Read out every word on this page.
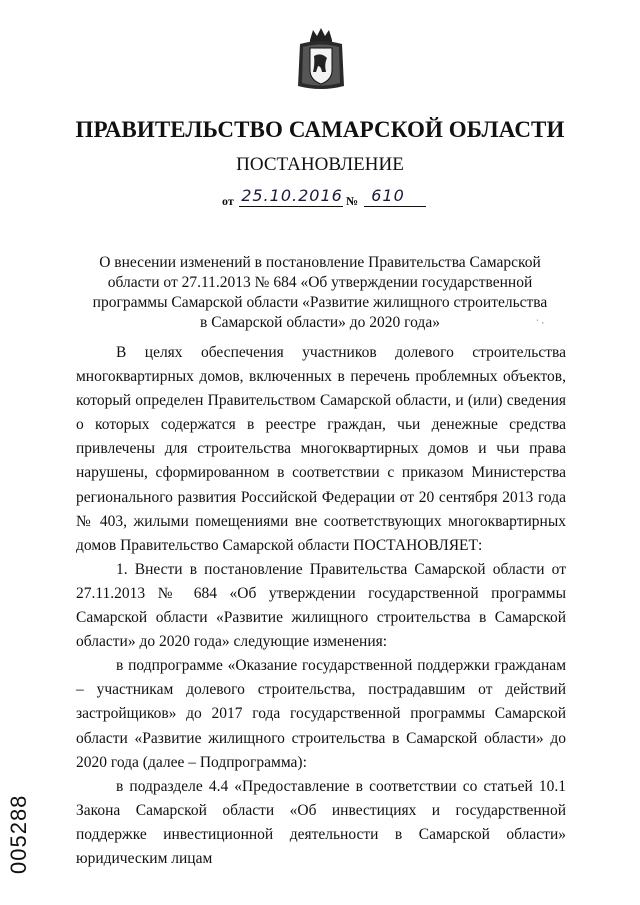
ПРАВИТЕЛЬСТВО САМАРСКОЙ ОБЛАСТИ
ПОСТАНОВЛЕНИЕ
от 25.10.2016 № 610
О внесении изменений в постановление Правительства Самарской области от 27.11.2013 № 684 «Об утверждении государственной программы Самарской области «Развитие жилищного строительства в Самарской области» до 2020 года»	ˈ ·

В целях обеспечения участников долевого строительства многоквартирных домов, включенных в перечень проблемных объектов, который определен Правительством Самарской области, и (или) сведения о которых содержатся в реестре граждан, чьи денежные средства привлечены для строительства многоквартирных домов и чьи права нарушены, сформированном в соответствии с приказом Министерства регионального развития Российской Федерации от 20 сентября 2013 года № 403, жилыми помещениями вне соответствующих многоквартирных домов Правительство Самарской области ПОСТАНОВЛЯЕТ:

1. Внести в постановление Правительства Самарской области от 27.11.2013 № 684 «Об утверждении государственной программы Самарской области «Развитие жилищного строительства в Самарской области» до 2020 года» следующие изменения:

в подпрограмме «Оказание государственной поддержки гражданам – участникам долевого строительства, пострадавшим от действий застройщиков» до 2017 года государственной программы Самарской области «Развитие жилищного строительства в Самарской области» до 2020 года (далее – Подпрограмма):

в подразделе 4.4 «Предоставление в соответствии со статьей 10.1 Закона Самарской области «Об инвестициях и государственной поддержке инвестиционной деятельности в Самарской области» юридическим лицам

005288
